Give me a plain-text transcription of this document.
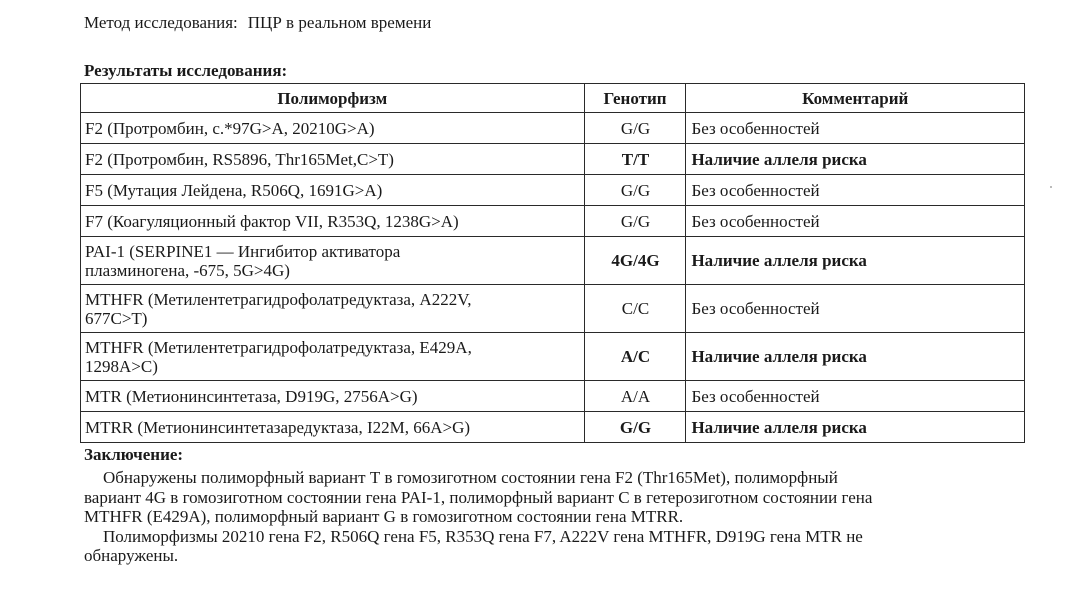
Метод исследования: ПЦР в реальном времени
Результаты исследования:
Полиморфизм	Генотип	Комментарий

F2 (Протромбин, с.*97G>A, 20210G>A)	G/G	Без особенностей

F2 (Протромбин, RS5896, Thr165Met,C>T)	T/T	Наличие аллеля риска

F5 (Мутация Лейдена, R506Q, 1691G>A)	G/G	Без особенностей

F7 (Коагуляционный фактор VII, R353Q, 1238G>A)	G/G	Без особенностей

PAI-1 (SERPINE1 — Ингибитор активатора
плазминогена, -675, 5G>4G)	4G/4G	Наличие аллеля риска

MTHFR (Метилентетрагидрофолатредуктаза, A222V,
677C>T)	C/C	Без особенностей

MTHFR (Метилентетрагидрофолатредуктаза, E429A,
1298A>C)	A/C	Наличие аллеля риска

MTR (Метионинсинтетаза, D919G, 2756A>G)	A/A	Без особенностей

MTRR (Метионинсинтетазаредуктаза, I22M, 66A>G)	G/G	Наличие аллеля риска
Заключение:
Обнаружены полиморфный вариант Т в гомозиготном состоянии гена F2 (Thr165Met), полиморфный
вариант 4G в гомозиготном состоянии гена PAI-1, полиморфный вариант С в гетерозиготном состоянии гена
MTHFR (E429A), полиморфный вариант G в гомозиготном состоянии гена MTRR.
Полиморфизмы 20210 гена F2, R506Q гена F5, R353Q гена F7, A222V гена MTHFR, D919G гена MTR не
обнаружены.
